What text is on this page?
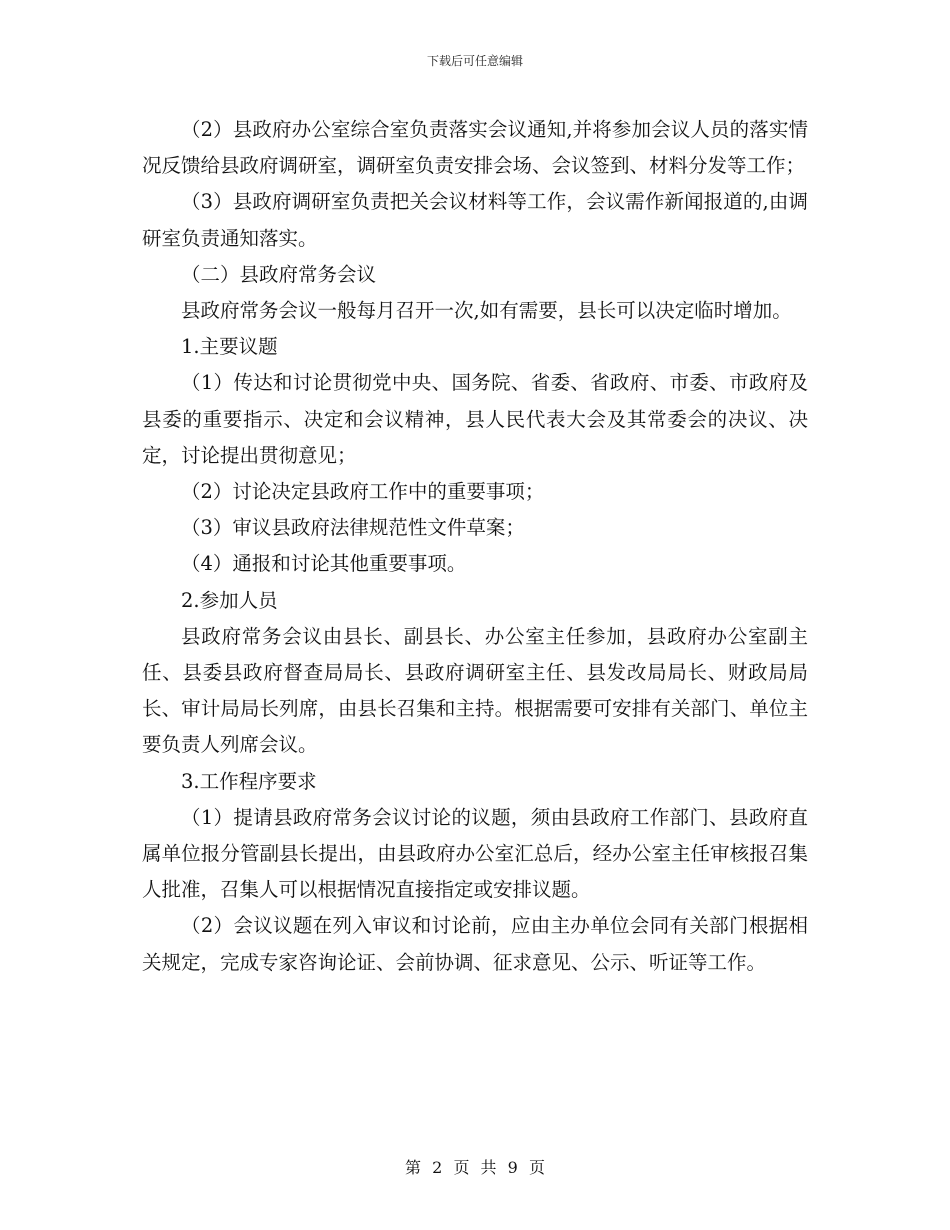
下载后可任意编辑

（2）县政府办公室综合室负责落实会议通知,并将参加会议人员的落实情况反馈给县政府调研室，调研室负责安排会场、会议签到、材料分发等工作；

（3）县政府调研室负责把关会议材料等工作，会议需作新闻报道的,由调研室负责通知落实。

（二）县政府常务会议

县政府常务会议一般每月召开一次,如有需要，县长可以决定临时增加。

1.主要议题

（1）传达和讨论贯彻党中央、国务院、省委、省政府、市委、市政府及县委的重要指示、决定和会议精神，县人民代表大会及其常委会的决议、决定，讨论提出贯彻意见；

（2）讨论决定县政府工作中的重要事项；

（3）审议县政府法律规范性文件草案；

（4）通报和讨论其他重要事项。

2.参加人员

县政府常务会议由县长、副县长、办公室主任参加，县政府办公室副主任、县委县政府督查局局长、县政府调研室主任、县发改局局长、财政局局长、审计局局长列席，由县长召集和主持。根据需要可安排有关部门、单位主要负责人列席会议。

3.工作程序要求

（1）提请县政府常务会议讨论的议题，须由县政府工作部门、县政府直属单位报分管副县长提出，由县政府办公室汇总后，经办公室主任审核报召集人批准，召集人可以根据情况直接指定或安排议题。

（2）会议议题在列入审议和讨论前，应由主办单位会同有关部门根据相关规定，完成专家咨询论证、会前协调、征求意见、公示、听证等工作。

第 2 页 共 9 页
